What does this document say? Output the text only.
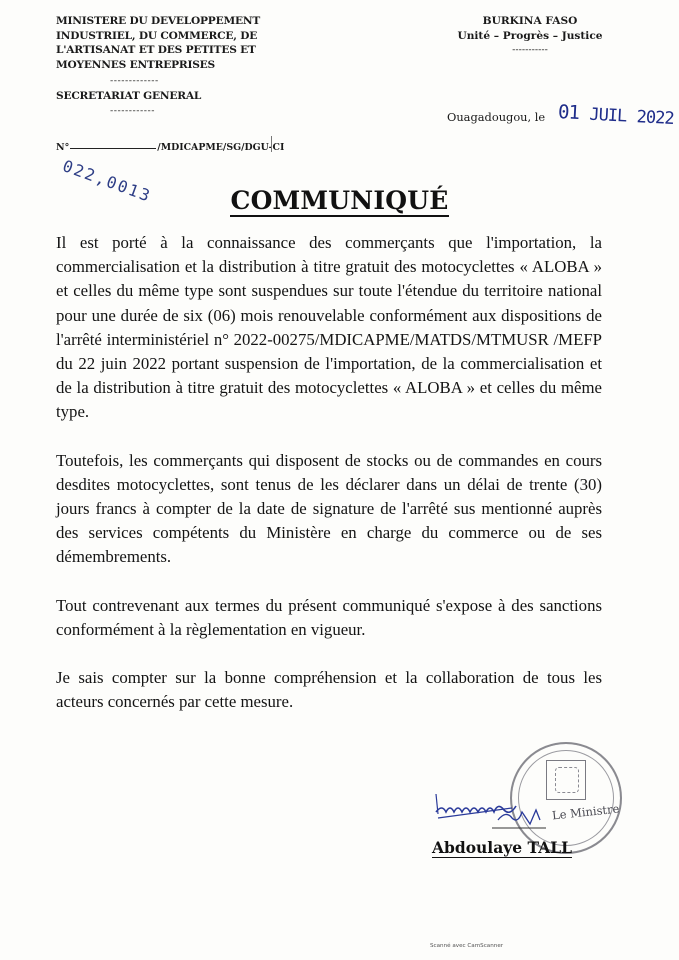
MINISTERE DU DEVELOPPEMENT
INDUSTRIEL, DU COMMERCE, DE
L'ARTISANAT ET DES PETITES ET
MOYENNES ENTREPRISES
-------------
SECRETARIAT GENERAL
------------
N°	/MDICAPME/SG/DGU-CI
022,0013
BURKINA FASO
Unité – Progrès – Justice
-----------
Ouagadougou, le 01 JUIL 2022
COMMUNIQUÉ

Il est porté à la connaissance des commerçants que l'importation, la commercialisation et la distribution à titre gratuit des motocyclettes « ALOBA » et celles du même type sont suspendues sur toute l'étendue du territoire national pour une durée de six (06) mois renouvelable conformément aux dispositions de l'arrêté interministériel n° 2022-00275/MDICAPME/MATDS/MTMUSR /MEFP du 22 juin 2022 portant suspension de l'importation, de la commercialisation et de la distribution à titre gratuit des motocyclettes « ALOBA » et celles du même type.

Toutefois, les commerçants qui disposent de stocks ou de commandes en cours desdites motocyclettes, sont tenus de les déclarer dans un délai de trente (30) jours francs à compter de la date de signature de l'arrêté sus mentionné auprès des services compétents du Ministère en charge du commerce ou de ses démembrements.

Tout contrevenant aux termes du présent communiqué s'expose à des sanctions conformément à la règlementation en vigueur.

Je sais compter sur la bonne compréhension et la collaboration de tous les acteurs concernés par cette mesure.

Le Ministre
Abdoulaye TALL
Scanné avec CamScanner
